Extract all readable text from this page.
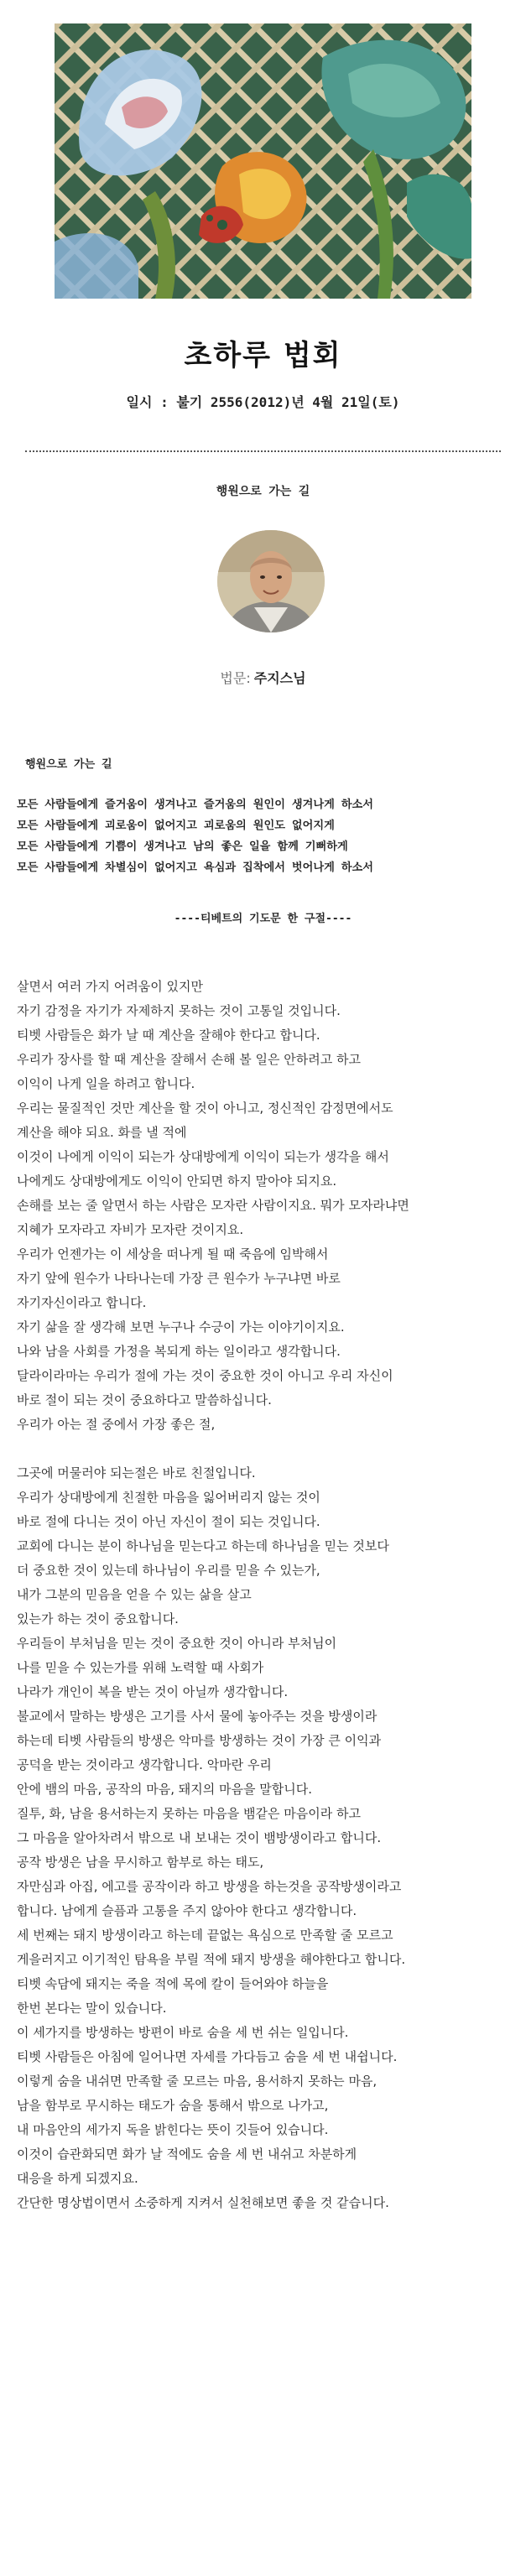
초하루 법회
일시 : 불기 2556(2012)년 4월 21일(토)
행원으로 가는 길
법문: 주지스님
행원으로 가는 길
모든 사람들에게 즐거움이 생겨나고 즐거움의 원인이 생겨나게 하소서
모든 사람들에게 괴로움이 없어지고 괴로움의 원인도 없어지게
모든 사람들에게 기쁨이 생겨나고 남의 좋은 일을 함께 기뻐하게
모든 사람들에게 차별심이 없어지고 욕심과 집착에서 벗어나게 하소서
----티베트의 기도문 한 구절----

살면서 여러 가지 어려움이 있지만

자기 감정을 자기가 자제하지 못하는 것이 고통일 것입니다.

티벳 사람들은 화가 날 때 계산을 잘해야 한다고 합니다.

우리가 장사를 할 때 계산을 잘해서 손해 볼 일은 안하려고 하고

이익이 나게 일을 하려고 합니다.

우리는 물질적인 것만 계산을 할 것이 아니고, 정신적인 감정면에서도

계산을 해야 되요. 화를 낼 적에

이것이 나에게 이익이 되는가 상대방에게 이익이 되는가 생각을 해서

나에게도 상대방에게도 이익이 안되면 하지 말아야 되지요.

손해를 보는 줄 알면서 하는 사람은 모자란 사람이지요. 뭐가 모자라냐면

지혜가 모자라고 자비가 모자란 것이지요.

우리가 언젠가는 이 세상을 떠나게 될 때 죽음에 임박해서

자기 앞에 원수가 나타나는데 가장 큰 원수가 누구냐면 바로

자기자신이라고 합니다.

자기 삶을 잘 생각해 보면 누구나 수긍이 가는 이야기이지요.

나와 남을 사회를 가정을 복되게 하는 일이라고 생각합니다.

달라이라마는 우리가 절에 가는 것이 중요한 것이 아니고 우리 자신이

바로 절이 되는 것이 중요하다고 말씀하십니다.

우리가 아는 절 중에서 가장 좋은 절,

그곳에 머물러야 되는절은 바로 친절입니다.

우리가 상대방에게 친절한 마음을 잃어버리지 않는 것이

바로 절에 다니는 것이 아닌 자신이 절이 되는 것입니다.

교회에 다니는 분이 하나님을 믿는다고 하는데 하나님을 믿는 것보다

더 중요한 것이 있는데 하나님이 우리를 믿을 수 있는가,

내가 그분의 믿음을 얻을 수 있는 삶을 살고

있는가 하는 것이 중요합니다.

우리들이 부처님을 믿는 것이 중요한 것이 아니라 부처님이

나를 믿을 수 있는가를 위해 노력할 때 사회가

나라가 개인이 복을 받는 것이 아닐까 생각합니다.

불교에서 말하는 방생은 고기를 사서 물에 놓아주는 것을 방생이라

하는데 티벳 사람들의 방생은 악마를 방생하는 것이 가장 큰 이익과

공덕을 받는 것이라고 생각합니다. 악마란 우리

안에 뱀의 마음, 공작의 마음, 돼지의 마음을 말합니다.

질투, 화, 남을 용서하는지 못하는 마음을 뱀같은 마음이라 하고

그 마음을 알아차려서 밖으로 내 보내는 것이 뱀방생이라고 합니다.

공작 방생은 남을 무시하고 함부로 하는 태도,

자만심과 아집, 에고를 공작이라 하고 방생을 하는것을 공작방생이라고

합니다. 남에게 슬픔과 고통을 주지 않아야 한다고 생각합니다.

세 번째는 돼지 방생이라고 하는데 끝없는 욕심으로 만족할 줄 모르고

게을러지고 이기적인 탐욕을 부릴 적에 돼지 방생을 해야한다고 합니다.

티벳 속담에 돼지는 죽을 적에 목에 칼이 들어와야 하늘을

한번 본다는 말이 있습니다.

이 세가지를 방생하는 방편이 바로 숨을 세 번 쉬는 일입니다.

티벳 사람들은 아침에 일어나면 자세를 가다듬고 숨을 세 번 내쉽니다.

이렇게 숨을 내쉬면 만족할 줄 모르는 마음, 용서하지 못하는 마음,

남을 함부로 무시하는 태도가 숨을 통해서 밖으로 나가고,

내 마음안의 세가지 독을 밝힌다는 뜻이 깃들어 있습니다.

이것이 습관화되면 화가 날 적에도 숨을 세 번 내쉬고 차분하게

대응을 하게 되겠지요.

간단한 명상법이면서 소중하게 지켜서 실천해보면 좋을 것 같습니다.
